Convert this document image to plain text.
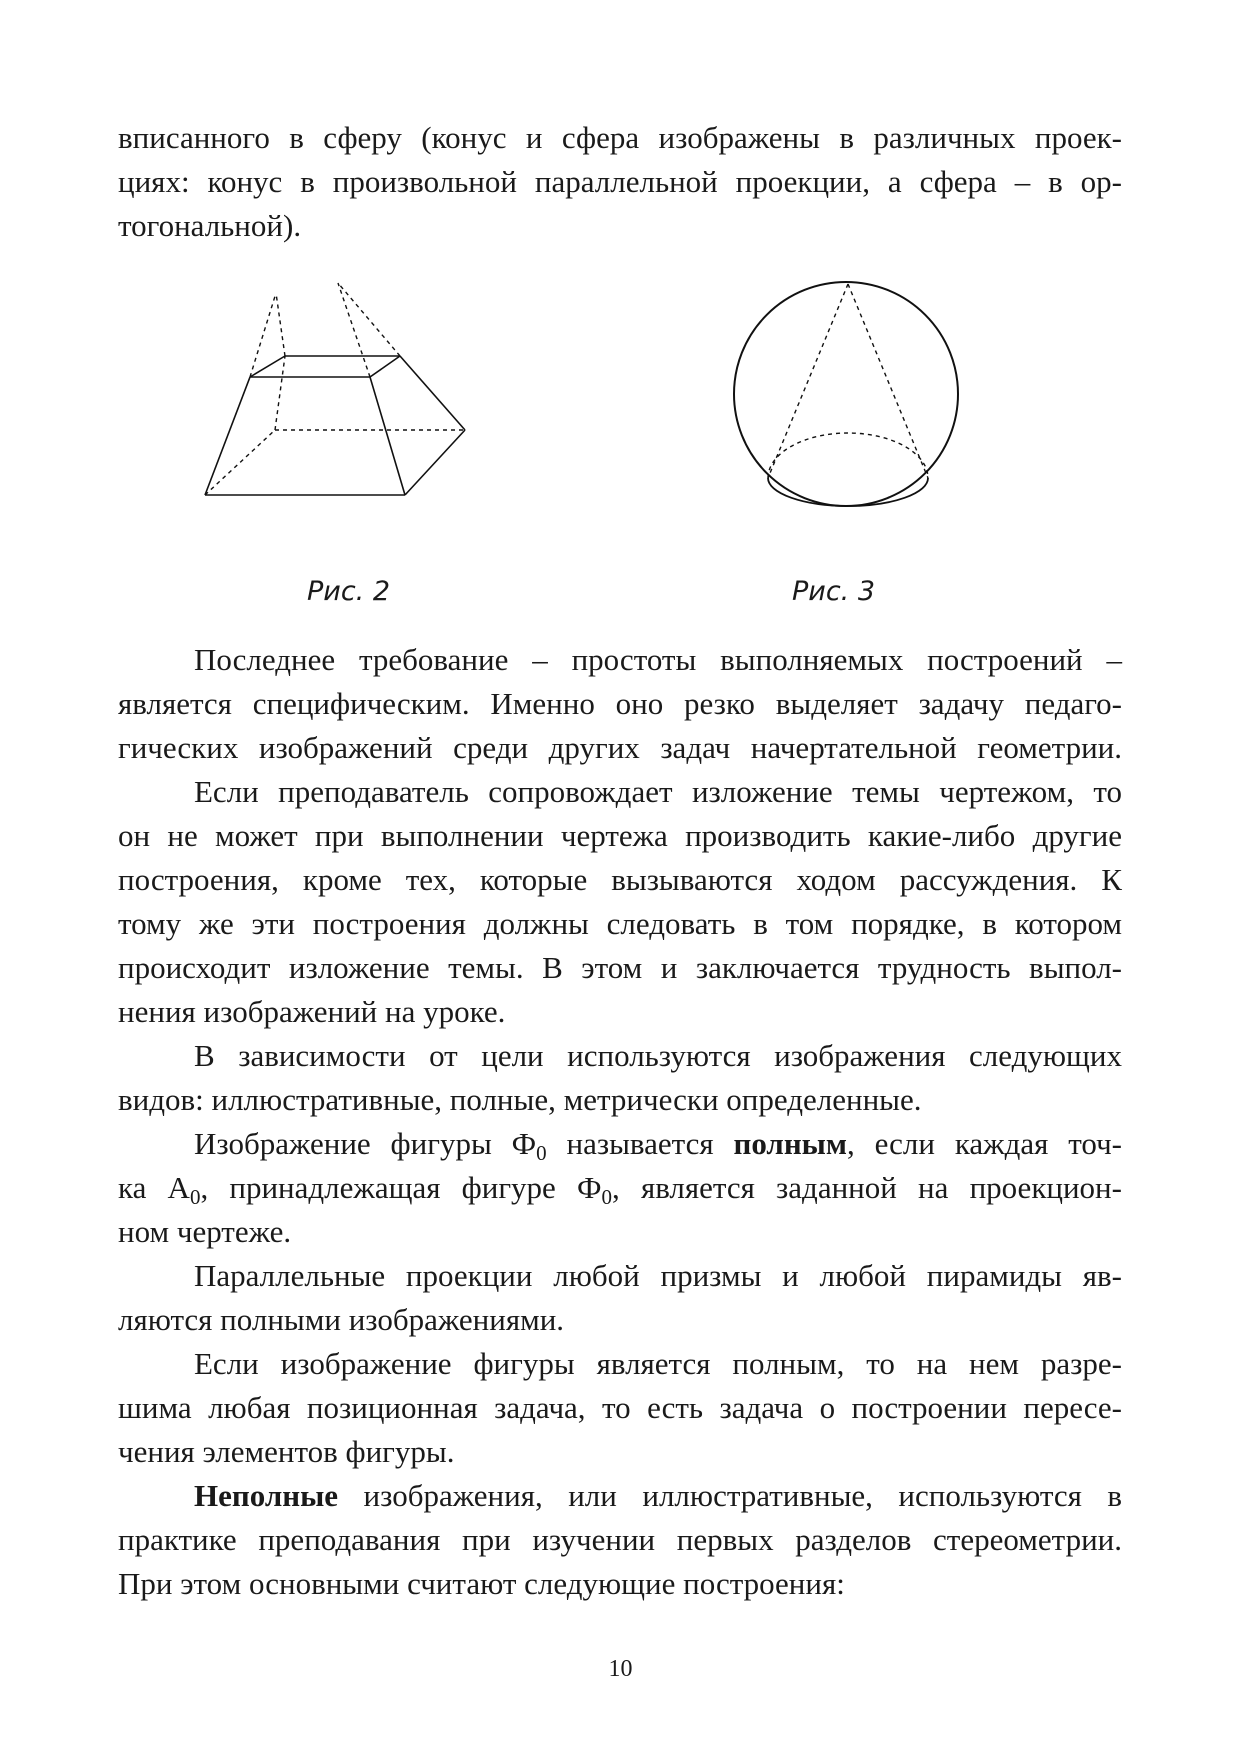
вписанного в сферу (конус и сфера изображены в различных проек-
циях: конус в произвольной параллельной проекции, а сфера – в ор-
тогональной).
Рис. 2	Рис. 3
Последнее требование – простоты выполняемых построений –
является специфическим. Именно оно резко выделяет задачу педаго-
гических изображений среди других задач начертательной геометрии.
Если преподаватель сопровождает изложение темы чертежом, то
он не может при выполнении чертежа производить какие-либо другие
построения, кроме тех, которые вызываются ходом рассуждения. К
тому же эти построения должны следовать в том порядке, в котором
происходит изложение темы. В этом и заключается трудность выпол-
нения изображений на уроке.
В зависимости от цели используются изображения следующих
видов: иллюстративные, полные, метрически определенные.
Изображение фигуры $Ф_0$ называется полным, если каждая точ-
ка $А_0$, принадлежащая фигуре $Ф_0$, является заданной на проекцион-
ном чертеже.
Параллельные проекции любой призмы и любой пирамиды яв-
ляются полными изображениями.
Если изображение фигуры является полным, то на нем разре-
шима любая позиционная задача, то есть задача о построении пересе-
чения элементов фигуры.
Неполные изображения, или иллюстративные, используются в
практике преподавания при изучении первых разделов стереометрии.
При этом основными считают следующие построения:
10
